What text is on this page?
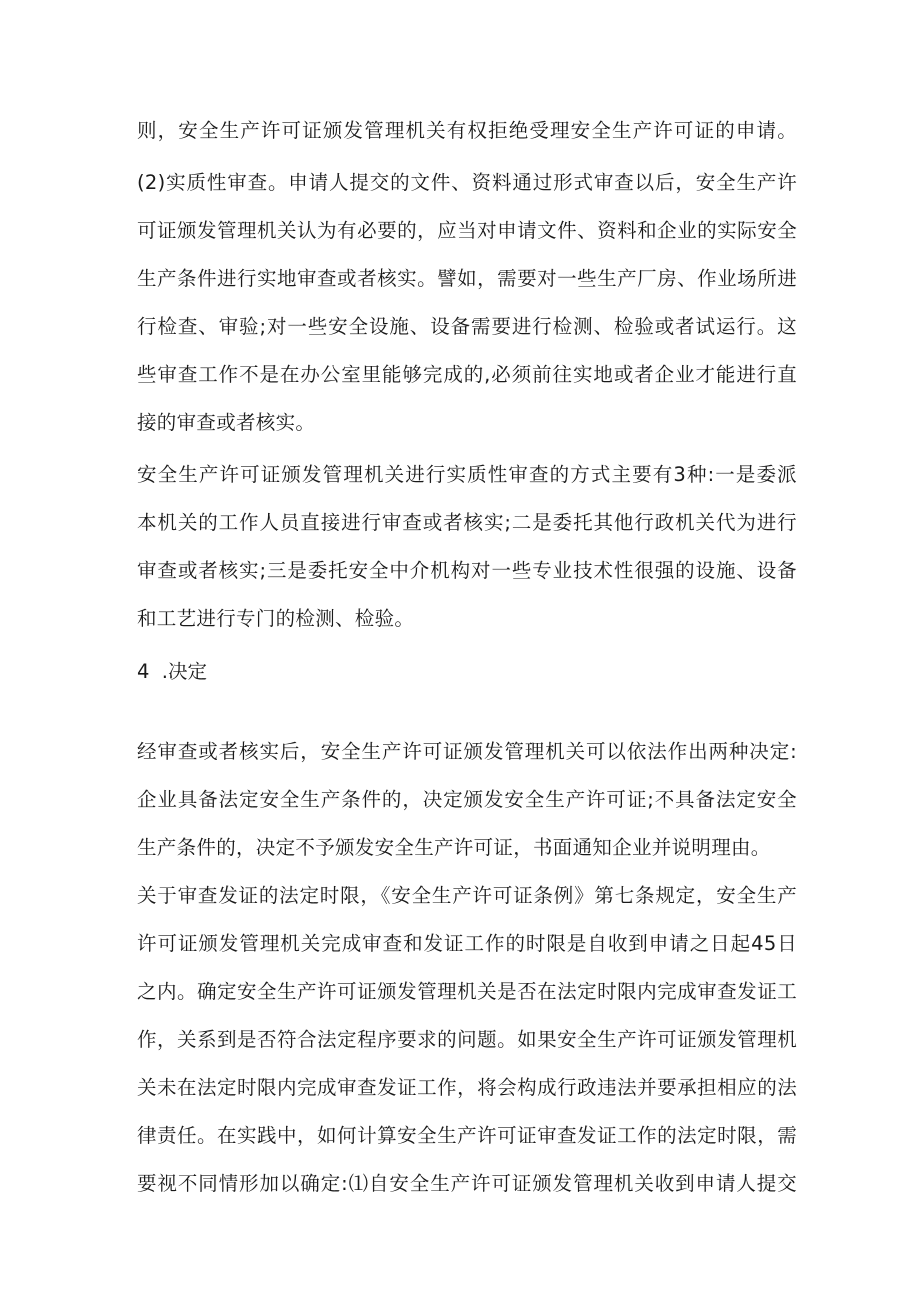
则，安全生产许可证颁发管理机关有权拒绝受理安全生产许可证的申请。
(2)实质性审查。申请人提交的文件、资料通过形式审查以后，安全生产许
可证颁发管理机关认为有必要的，应当对申请文件、资料和企业的实际安全
生产条件进行实地审查或者核实。譬如，需要对一些生产厂房、作业场所进
行检查、审验;对一些安全设施、设备需要进行检测、检验或者试运行。这
些审查工作不是在办公室里能够完成的,必须前往实地或者企业才能进行直
接的审查或者核实。
安全生产许可证颁发管理机关进行实质性审查的方式主要有3种:一是委派
本机关的工作人员直接进行审查或者核实;二是委托其他行政机关代为进行
审查或者核实;三是委托安全中介机构对一些专业技术性很强的设施、设备
和工艺进行专门的检测、检验。
4  .决定
经审查或者核实后，安全生产许可证颁发管理机关可以依法作出两种决定:
企业具备法定安全生产条件的，决定颁发安全生产许可证;不具备法定安全
生产条件的，决定不予颁发安全生产许可证，书面通知企业并说明理由。
关于审查发证的法定时限，《安全生产许可证条例》第七条规定，安全生产
许可证颁发管理机关完成审查和发证工作的时限是自收到申请之日起45日
之内。确定安全生产许可证颁发管理机关是否在法定时限内完成审查发证工
作，关系到是否符合法定程序要求的问题。如果安全生产许可证颁发管理机
关未在法定时限内完成审查发证工作，将会构成行政违法并要承担相应的法
律责任。在实践中，如何计算安全生产许可证审查发证工作的法定时限，需
要视不同情形加以确定:⑴自安全生产许可证颁发管理机关收到申请人提交
